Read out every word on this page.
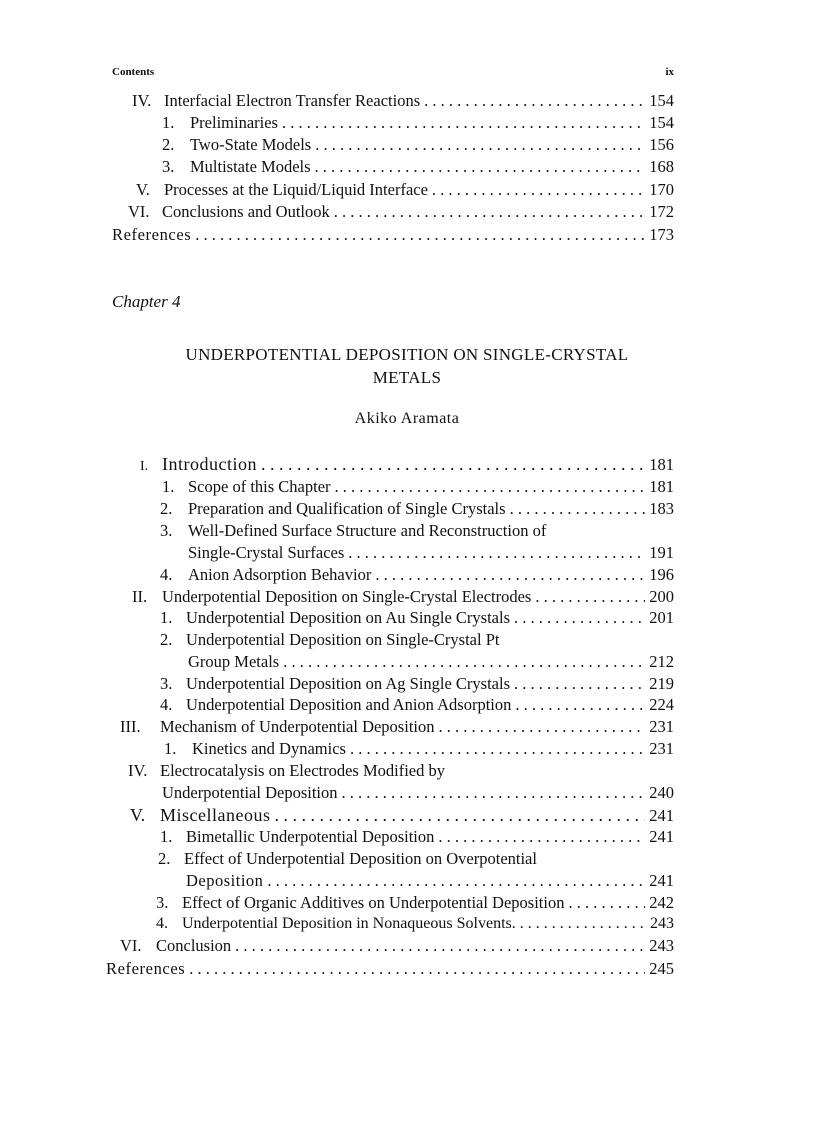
Contents	ix
IV. Interfacial Electron Transfer Reactions . . .	154
1. Preliminaries . . .	154
2. Two-State Models . . .	156
3. Multistate Models . . .	168
V. Processes at the Liquid/Liquid Interface . . .	170
VI. Conclusions and Outlook . . .	172
References . . .	173
Chapter 4
UNDERPOTENTIAL DEPOSITION ON SINGLE-CRYSTAL
METALS
Akiko Aramata
I. Introduction . . .	181
1. Scope of this Chapter . . .	181
2. Preparation and Qualification of Single Crystals . . .	183
3. Well-Defined Surface Structure and Reconstruction of
Single-Crystal Surfaces . . .	191
4. Anion Adsorption Behavior . . .	196
II. Underpotential Deposition on Single-Crystal Electrodes . . .	200
1. Underpotential Deposition on Au Single Crystals . . .	201
2. Underpotential Deposition on Single-Crystal Pt
Group Metals . . .	212
3. Underpotential Deposition on Ag Single Crystals . . .	219
4. Underpotential Deposition and Anion Adsorption . . .	224
III.	Mechanism of Underpotential Deposition . . .	231
1. Kinetics and Dynamics . . .	231
IV. Electrocatalysis on Electrodes Modified by
Underpotential Deposition . . .	240
V. Miscellaneous . . .	241
1. Bimetallic Underpotential Deposition . . .	241
2. Effect of Underpotential Deposition on Overpotential
Deposition . . .	241
3. Effect of Organic Additives on Underpotential Deposition . . .	242
4. Underpotential Deposition in Nonaqueous Solvents. . . .	243
VI. Conclusion . . .	243
References . . .	245
